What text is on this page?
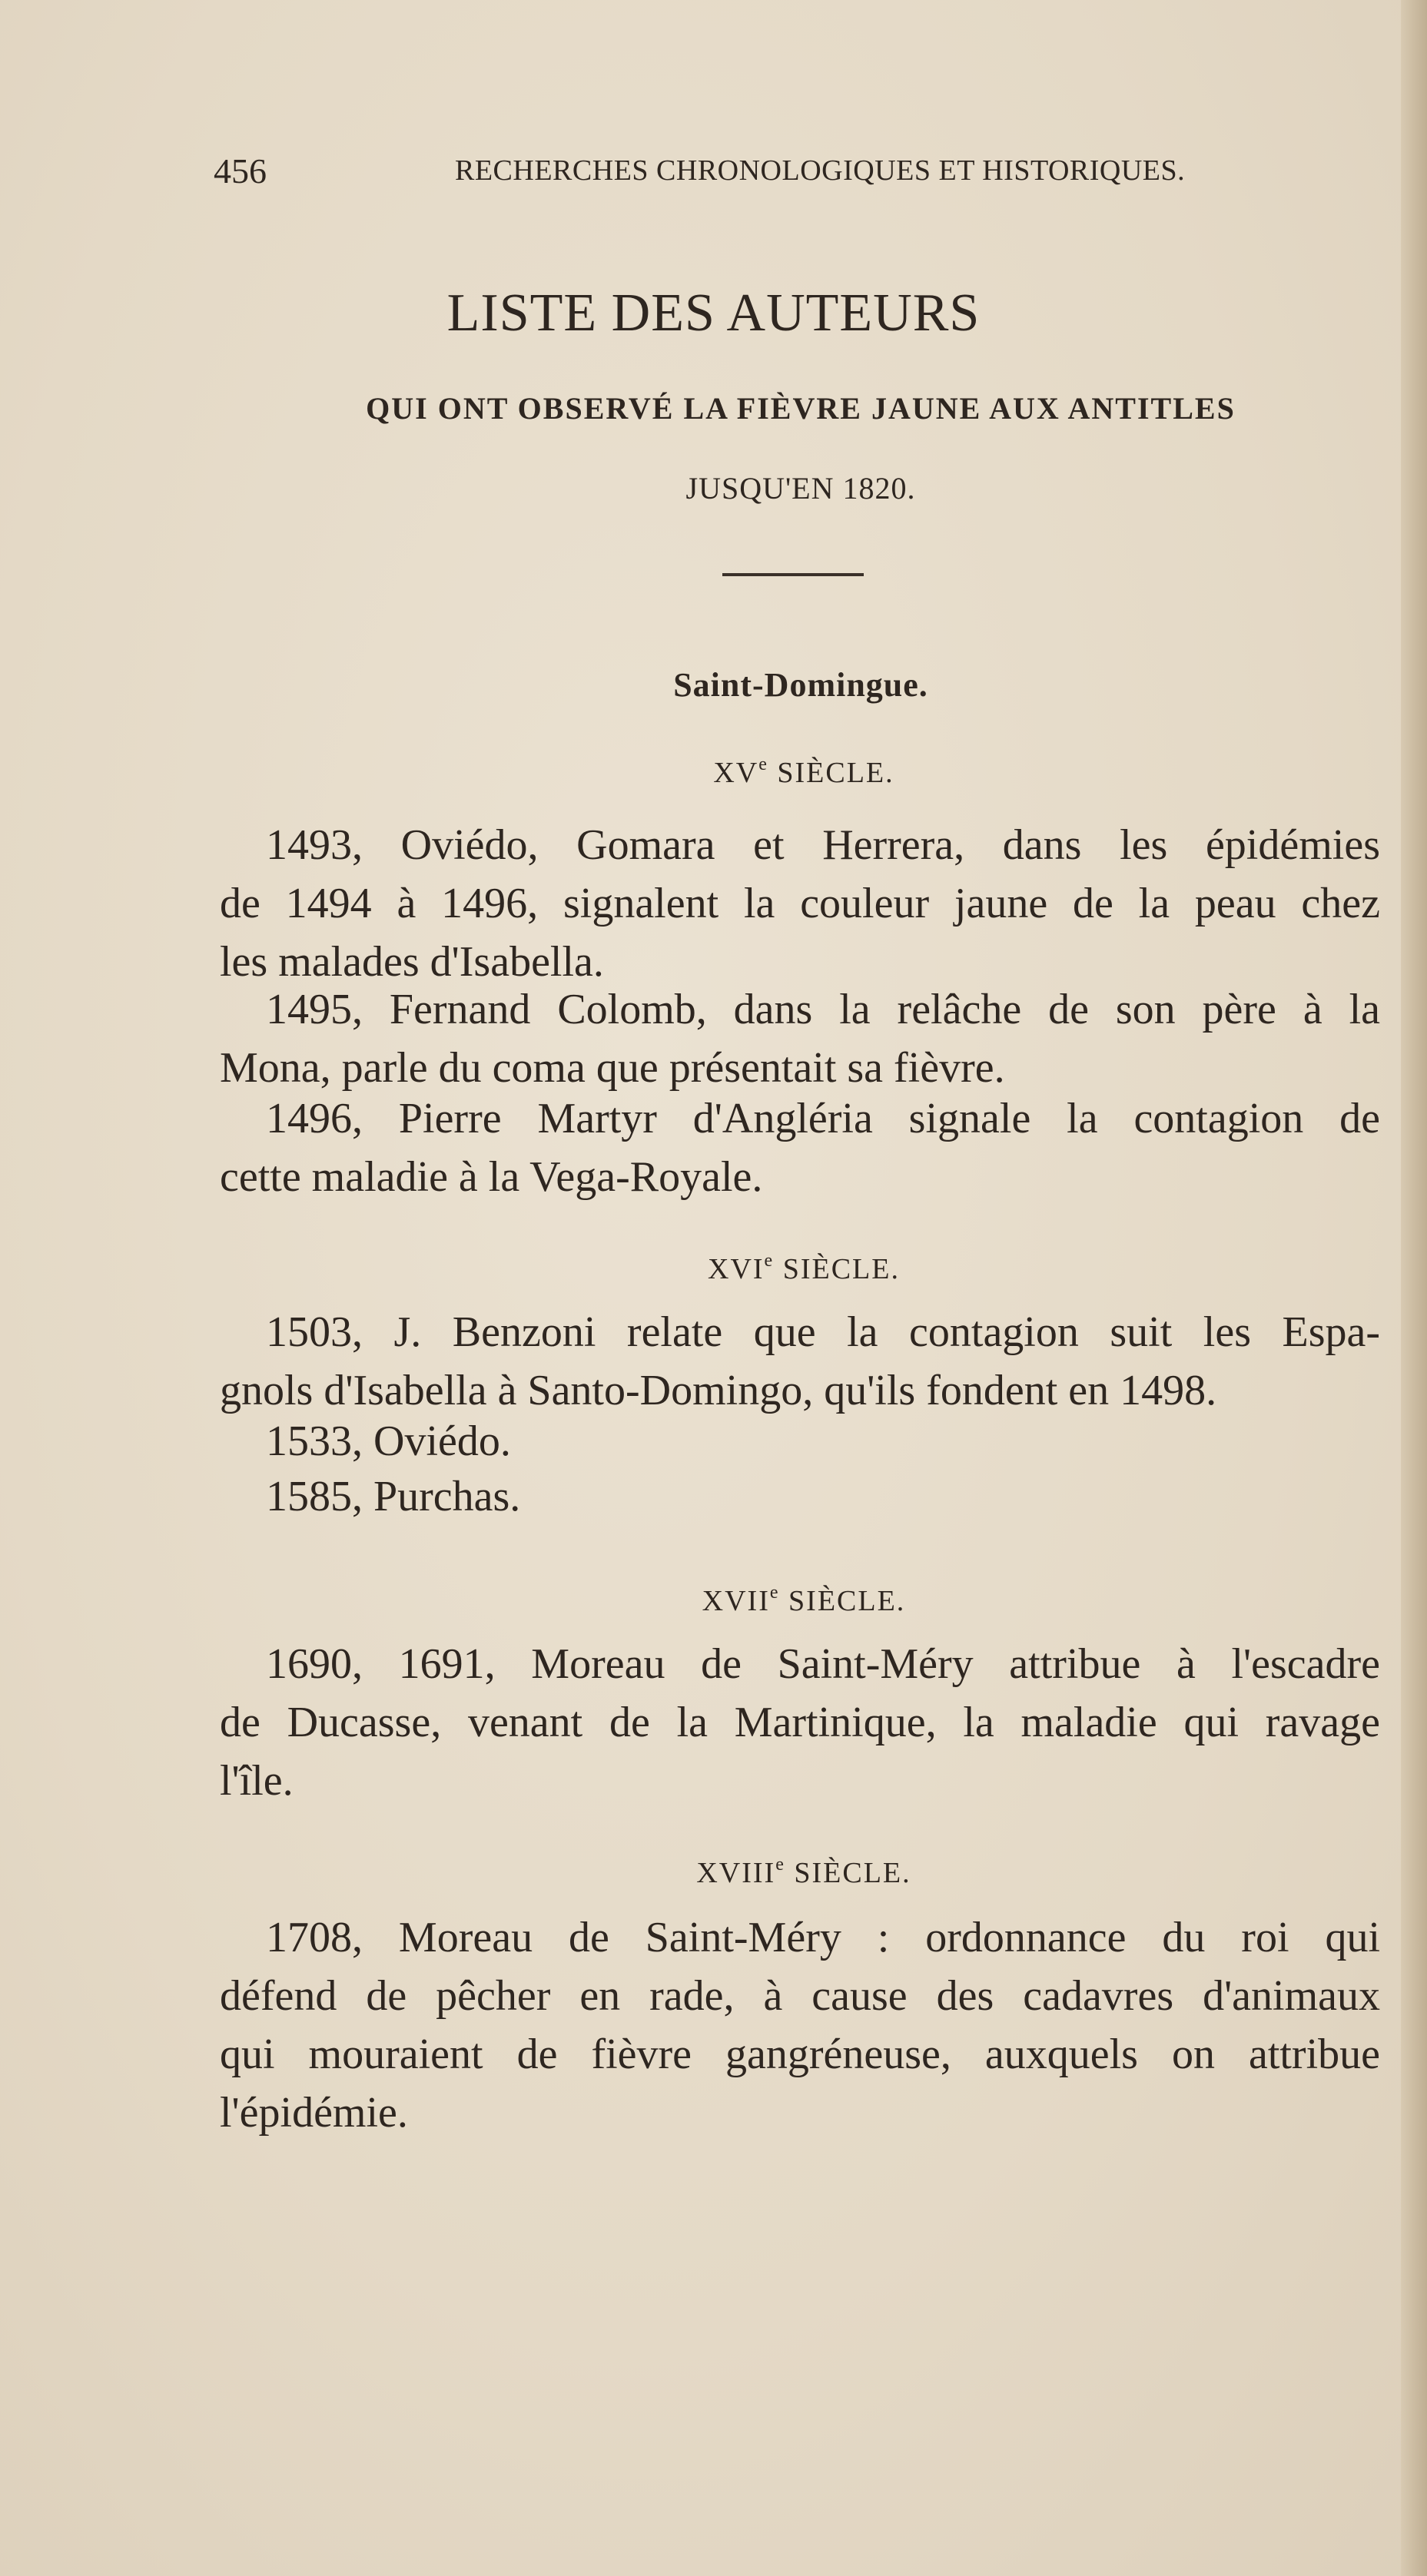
456	RECHERCHES CHRONOLOGIQUES ET HISTORIQUES.
LISTE DES AUTEURS
QUI ONT OBSERVÉ LA FIÈVRE JAUNE AUX ANTITLES
JUSQU'EN 1820.
Saint-Domingue.
XVe SIÈCLE.
1493, Oviédo, Gomara et Herrera, dans les épidémies
de 1494 à 1496, signalent la couleur jaune de la peau chez
les malades d'Isabella.
1495, Fernand Colomb, dans la relâche de son père à la
Mona, parle du coma que présentait sa fièvre.
1496, Pierre Martyr d'Angléria signale la contagion de
cette maladie à la Vega-Royale.
XVIe SIÈCLE.
1503, J. Benzoni relate que la contagion suit les Espa-
gnols d'Isabella à Santo-Domingo, qu'ils fondent en 1498.
1533, Oviédo.
1585, Purchas.
XVIIe SIÈCLE.
1690, 1691, Moreau de Saint-Méry attribue à l'escadre
de Ducasse, venant de la Martinique, la maladie qui ravage
l'île.
XVIIIe SIÈCLE.
1708, Moreau de Saint-Méry : ordonnance du roi qui
défend de pêcher en rade, à cause des cadavres d'animaux
qui mouraient de fièvre gangréneuse, auxquels on attribue
l'épidémie.
